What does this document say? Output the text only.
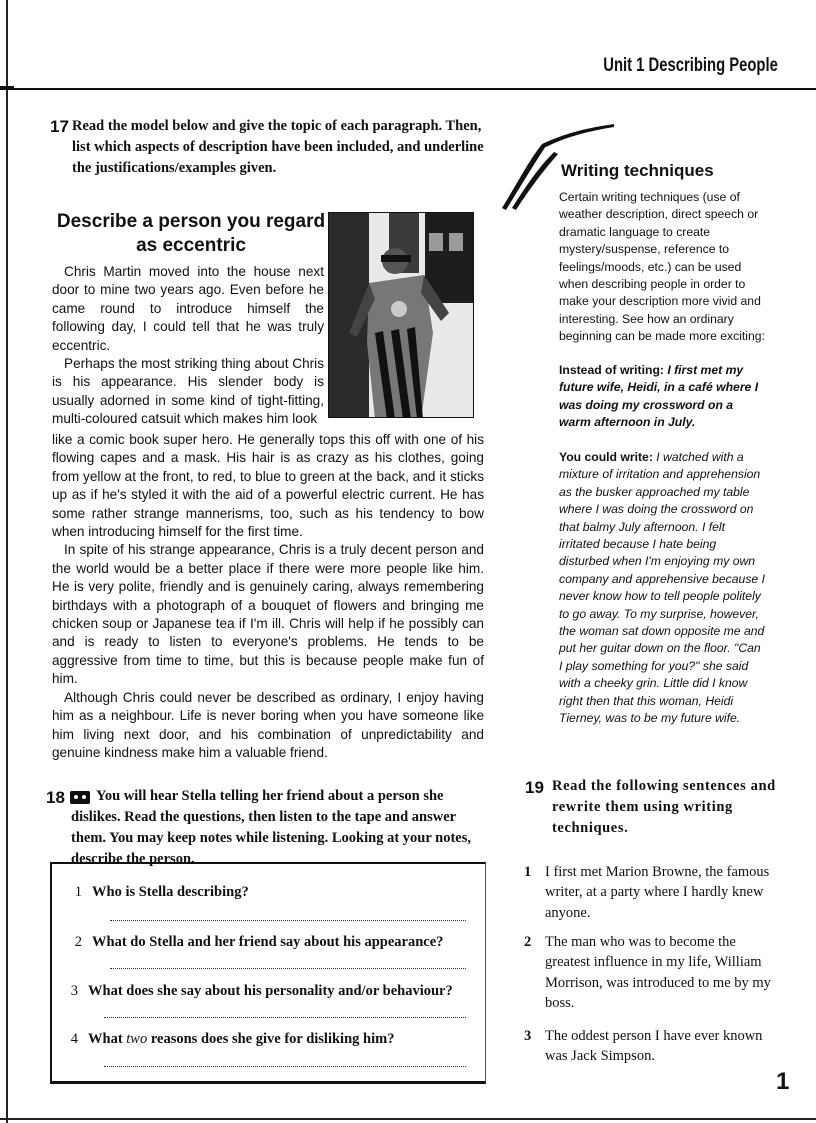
Unit 1 Describing People
17 Read the model below and give the topic of each paragraph. Then, list which aspects of description have been included, and underline the justifications/examples given.
Describe a person you regard as eccentric

Chris Martin moved into the house next door to mine two years ago. Even before he came round to introduce himself the following day, I could tell that he was truly eccentric.

Perhaps the most striking thing about Chris is his appearance. His slender body is usually adorned in some kind of tight-fitting, multi-coloured catsuit which makes him look

like a comic book super hero. He generally tops this off with one of his flowing capes and a mask. His hair is as crazy as his clothes, going from yellow at the front, to red, to blue to green at the back, and it sticks up as if he's styled it with the aid of a powerful electric current. He has some rather strange mannerisms, too, such as his tendency to bow when introducing himself for the first time.

In spite of his strange appearance, Chris is a truly decent person and the world would be a better place if there were more people like him. He is very polite, friendly and is genuinely caring, always remembering birthdays with a photograph of a bouquet of flowers and bringing me chicken soup or Japanese tea if I'm ill. Chris will help if he possibly can and is ready to listen to everyone's problems. He tends to be aggressive from time to time, but this is because people make fun of him.

Although Chris could never be described as ordinary, I enjoy having him as a neighbour. Life is never boring when you have someone like him living next door, and his combination of unpredictability and genuine kindness make him a valuable friend.

Writing techniques
Certain writing techniques (use of weather description, direct speech or dramatic language to create mystery/suspense, reference to feelings/moods, etc.) can be used when describing people in order to make your description more vivid and interesting. See how an ordinary beginning can be made more exciting:
Instead of writing: I first met my future wife, Heidi, in a café where I was doing my crossword on a warm afternoon in July.
You could write: I watched with a mixture of irritation and apprehension as the busker approached my table where I was doing the crossword on that balmy July afternoon. I felt irritated because I hate being disturbed when I'm enjoying my own company and apprehensive because I never know how to tell people politely to go away. To my surprise, however, the woman sat down opposite me and put her guitar down on the floor. "Can I play something for you?" she said with a cheeky grin. Little did I know right then that this woman, Heidi Tierney, was to be my future wife.
18	You will hear Stella telling her friend about a person she dislikes. Read the questions, then listen to the tape and answer them. You may keep notes while listening. Looking at your notes, describe the person.
1 Who is Stella describing?
2 What do Stella and her friend say about his appearance?
3 What does she say about his personality and/or behaviour?
4 What two reasons does she give for disliking him?
19 Read the following sentences and rewrite them using writing techniques.
1 I first met Marion Browne, the famous writer, at a party where I hardly knew anyone.
2 The man who was to become the greatest influence in my life, William Morrison, was introduced to me by my boss.
3 The oddest person I have ever known was Jack Simpson.
1
